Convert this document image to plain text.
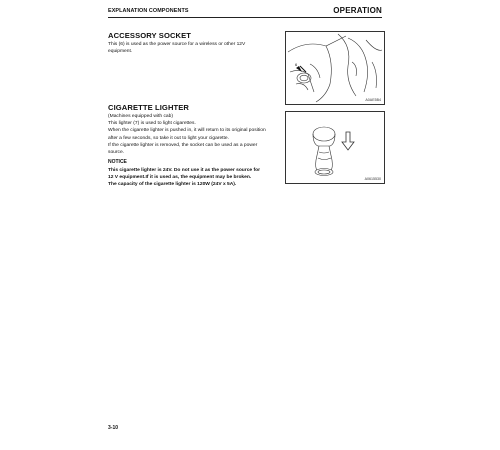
EXPLANATION COMPONENTS	OPERATION
ACCESSORY SOCKET
This (6) is used as the power source for a wireless or other 12V
equipment.
6
A0AE5B4
CIGARETTE LIGHTER
(Machines equipped with cab)
This lighter (7) is used to light cigarettes.
When the cigarette lighter is pushed in, it will return to its original position
after a few seconds, so take it out to light your cigarette.
If the cigarette lighter is removed, the socket can be used as a power
source.
NOTICE
This cigarette lighter is 24V. Do not use it as the power source for
12 V equipment.If it is used as, the equipment may be broken.
The capacity of the cigarette lighter is 120W (24V x 5A).
A0615530
3-10
